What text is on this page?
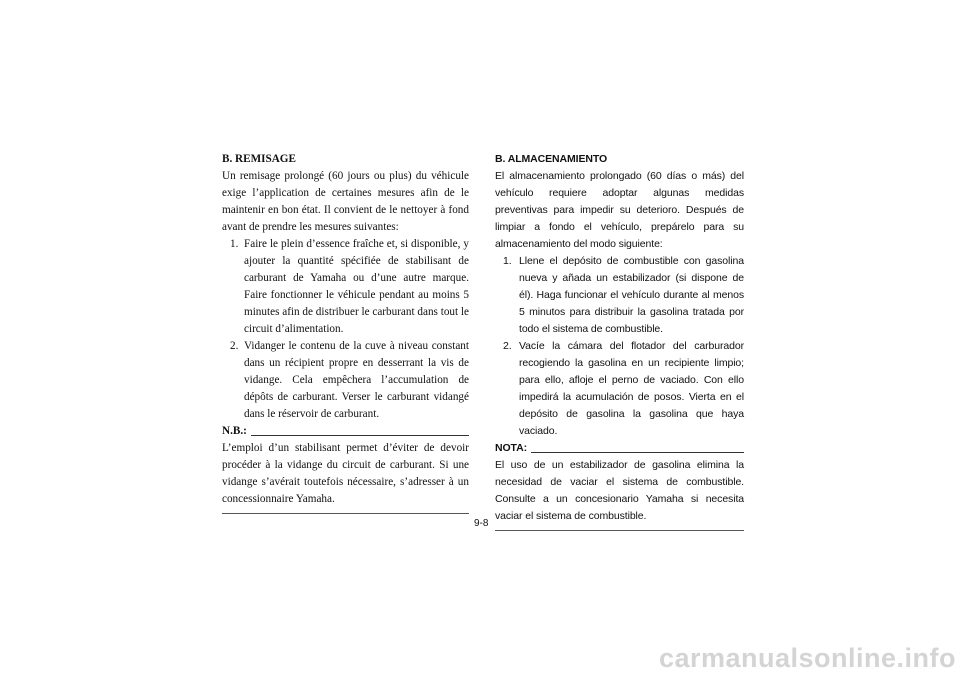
B. REMISAGE

Un remisage prolongé (60 jours ou plus) du véhicule exige l’application de certaines mesures afin de le maintenir en bon état. Il convient de le nettoyer à fond avant de prendre les mesures suivantes:

1. Faire le plein d’essence fraîche et, si disponible, y ajouter la quantité spécifiée de stabilisant de carburant de Yamaha ou d’une autre marque. Faire fonctionner le véhicule pendant au moins 5 minutes afin de distribuer le carburant dans tout le circuit d’alimentation.
2. Vidanger le contenu de la cuve à niveau constant dans un récipient propre en desserrant la vis de vidange. Cela empêchera l’accumulation de dépôts de carburant. Verser le carburant vidangé dans le réservoir de carburant.
N.B.:

L’emploi d’un stabilisant permet d’éviter de devoir procéder à la vidange du circuit de carburant. Si une vidange s’avérait toutefois nécessaire, s’adresser à un concessionnaire Yamaha.

B. ALMACENAMIENTO

El almacenamiento prolongado (60 días o más) del vehículo requiere adoptar algunas medidas preventivas para impedir su deterioro. Después de limpiar a fondo el vehículo, prepárelo para su almacenamiento del modo siguiente:

1. Llene el depósito de combustible con gasolina nueva y añada un estabilizador (si dispone de él). Haga funcionar el vehículo durante al menos 5 minutos para distribuir la gasolina tratada por todo el sistema de combustible.
2. Vacíe la cámara del flotador del carburador recogiendo la gasolina en un recipiente limpio; para ello, afloje el perno de vaciado. Con ello impedirá la acumulación de posos. Vierta en el depósito de gasolina la gasolina que haya vaciado.
NOTA:

El uso de un estabilizador de gasolina elimina la necesidad de vaciar el sistema de combustible. Consulte a un concesionario Yamaha si necesita vaciar el sistema de combustible.

9-8
carmanualsonline.info
